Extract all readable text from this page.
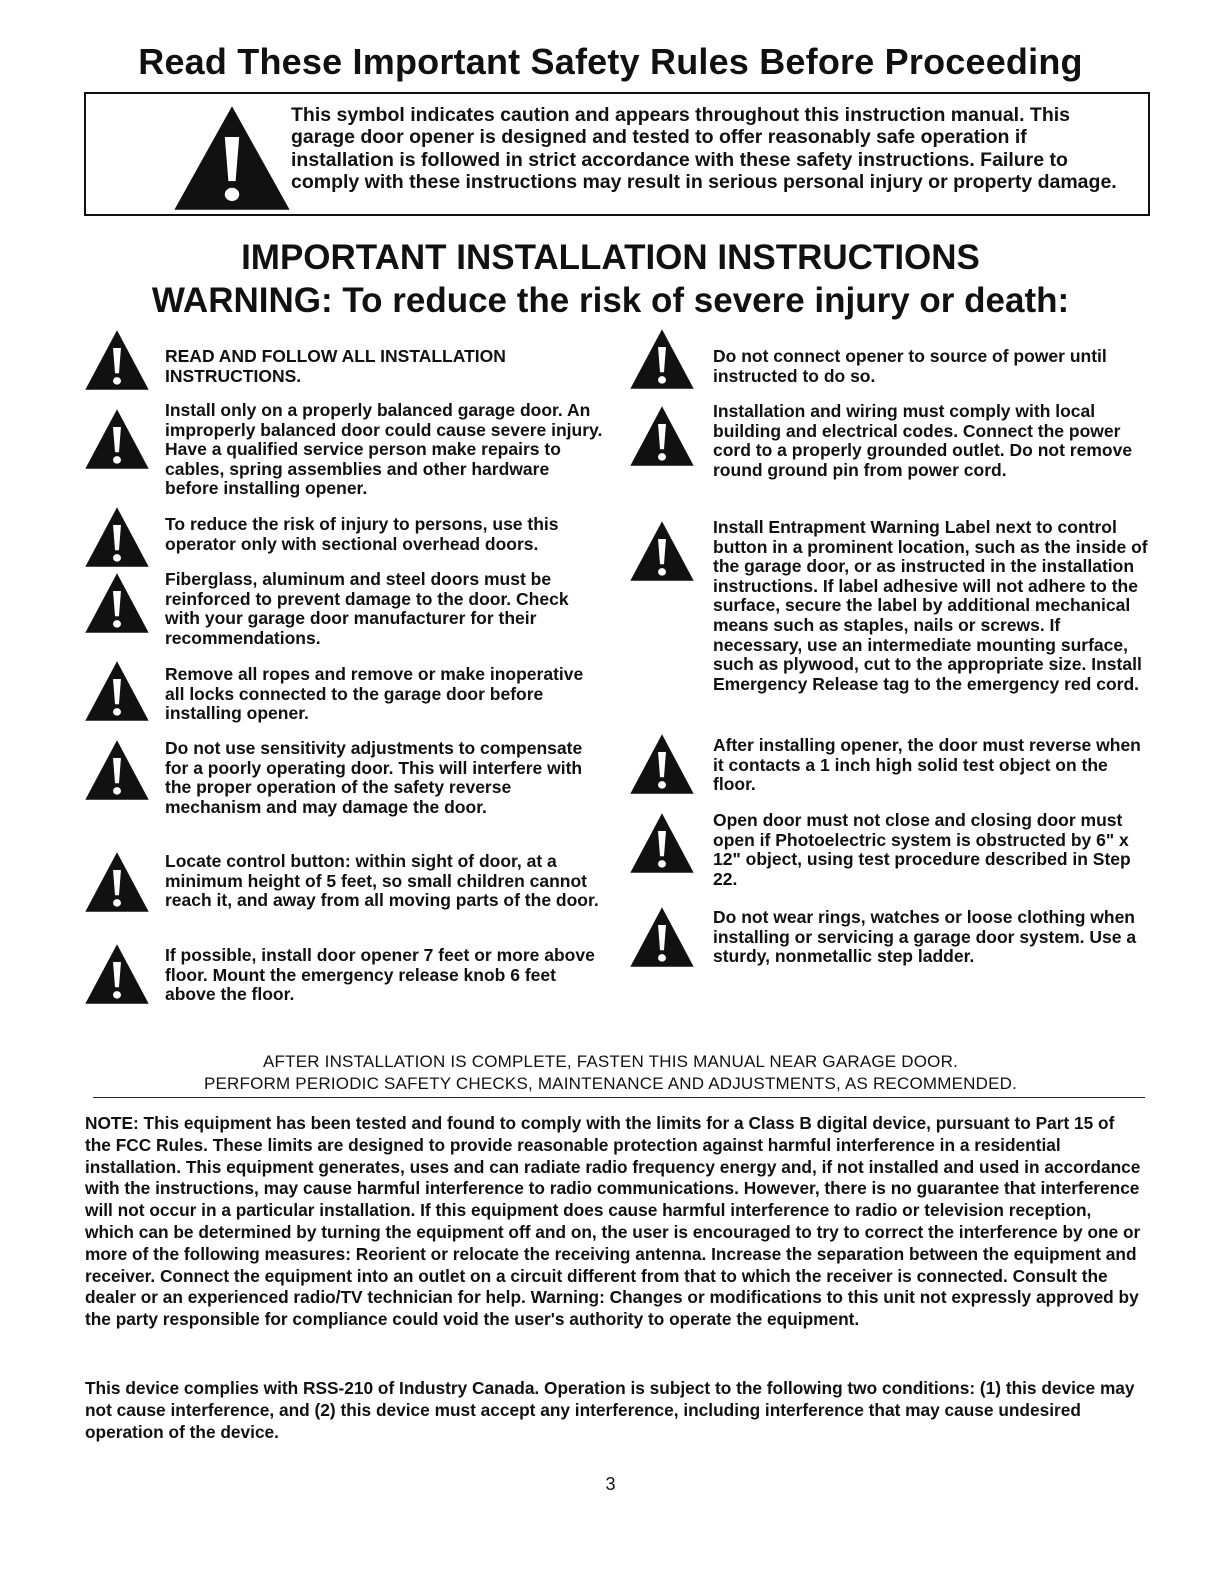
Read These Important Safety Rules Before Proceeding

This symbol indicates caution and appears throughout this instruction manual. This garage door opener is designed and tested to offer reasonably safe operation if installation is followed in strict accordance with these safety instructions. Failure to comply with these instructions may result in serious personal injury or property damage.

IMPORTANT INSTALLATION INSTRUCTIONS
WARNING: To reduce the risk of severe injury or death:

READ AND FOLLOW ALL INSTALLATION INSTRUCTIONS.

Install only on a properly balanced garage door. An improperly balanced door could cause severe injury. Have a qualified service person make repairs to cables, spring assemblies and other hardware before installing opener.

To reduce the risk of injury to persons, use this operator only with sectional overhead doors.

Fiberglass, aluminum and steel doors must be reinforced to prevent damage to the door. Check with your garage door manufacturer for their recommendations.

Remove all ropes and remove or make inoperative all locks connected to the garage door before installing opener.

Do not use sensitivity adjustments to compensate for a poorly operating door. This will interfere with the proper operation of the safety reverse mechanism and may damage the door.

Locate control button: within sight of door, at a minimum height of 5 feet, so small children cannot reach it, and away from all moving parts of the door.

If possible, install door opener 7 feet or more above floor. Mount the emergency release knob 6 feet above the floor.

Do not connect opener to source of power until instructed to do so.

Installation and wiring must comply with local building and electrical codes. Connect the power cord to a properly grounded outlet. Do not remove round ground pin from power cord.

Install Entrapment Warning Label next to control button in a prominent location, such as the inside of the garage door, or as instructed in the installation instructions. If label adhesive will not adhere to the surface, secure the label by additional mechanical means such as staples, nails or screws. If necessary, use an intermediate mounting surface, such as plywood, cut to the appropriate size. Install Emergency Release tag to the emergency red cord.

After installing opener, the door must reverse when it contacts a 1 inch high solid test object on the floor.

Open door must not close and closing door must open if Photoelectric system is obstructed by 6" x 12" object, using test procedure described in Step 22.

Do not wear rings, watches or loose clothing when installing or servicing a garage door system. Use a sturdy, nonmetallic step ladder.

AFTER INSTALLATION IS COMPLETE, FASTEN THIS MANUAL NEAR GARAGE DOOR.

PERFORM PERIODIC SAFETY CHECKS, MAINTENANCE AND ADJUSTMENTS, AS RECOMMENDED.

NOTE: This equipment has been tested and found to comply with the limits for a Class B digital device, pursuant to Part 15 of the FCC Rules. These limits are designed to provide reasonable protection against harmful interference in a residential installation. This equipment generates, uses and can radiate radio frequency energy and, if not installed and used in accordance with the instructions, may cause harmful interference to radio communications. However, there is no guarantee that interference will not occur in a particular installation. If this equipment does cause harmful interference to radio or television reception, which can be determined by turning the equipment off and on, the user is encouraged to try to correct the interference by one or more of the following measures: Reorient or relocate the receiving antenna. Increase the separation between the equipment and receiver. Connect the equipment into an outlet on a circuit different from that to which the receiver is connected. Consult the dealer or an experienced radio/TV technician for help. Warning: Changes or modifications to this unit not expressly approved by the party responsible for compliance could void the user's authority to operate the equipment.

This device complies with RSS-210 of Industry Canada. Operation is subject to the following two conditions: (1) this device may not cause interference, and (2) this device must accept any interference, including interference that may cause undesired operation of the device.

3
